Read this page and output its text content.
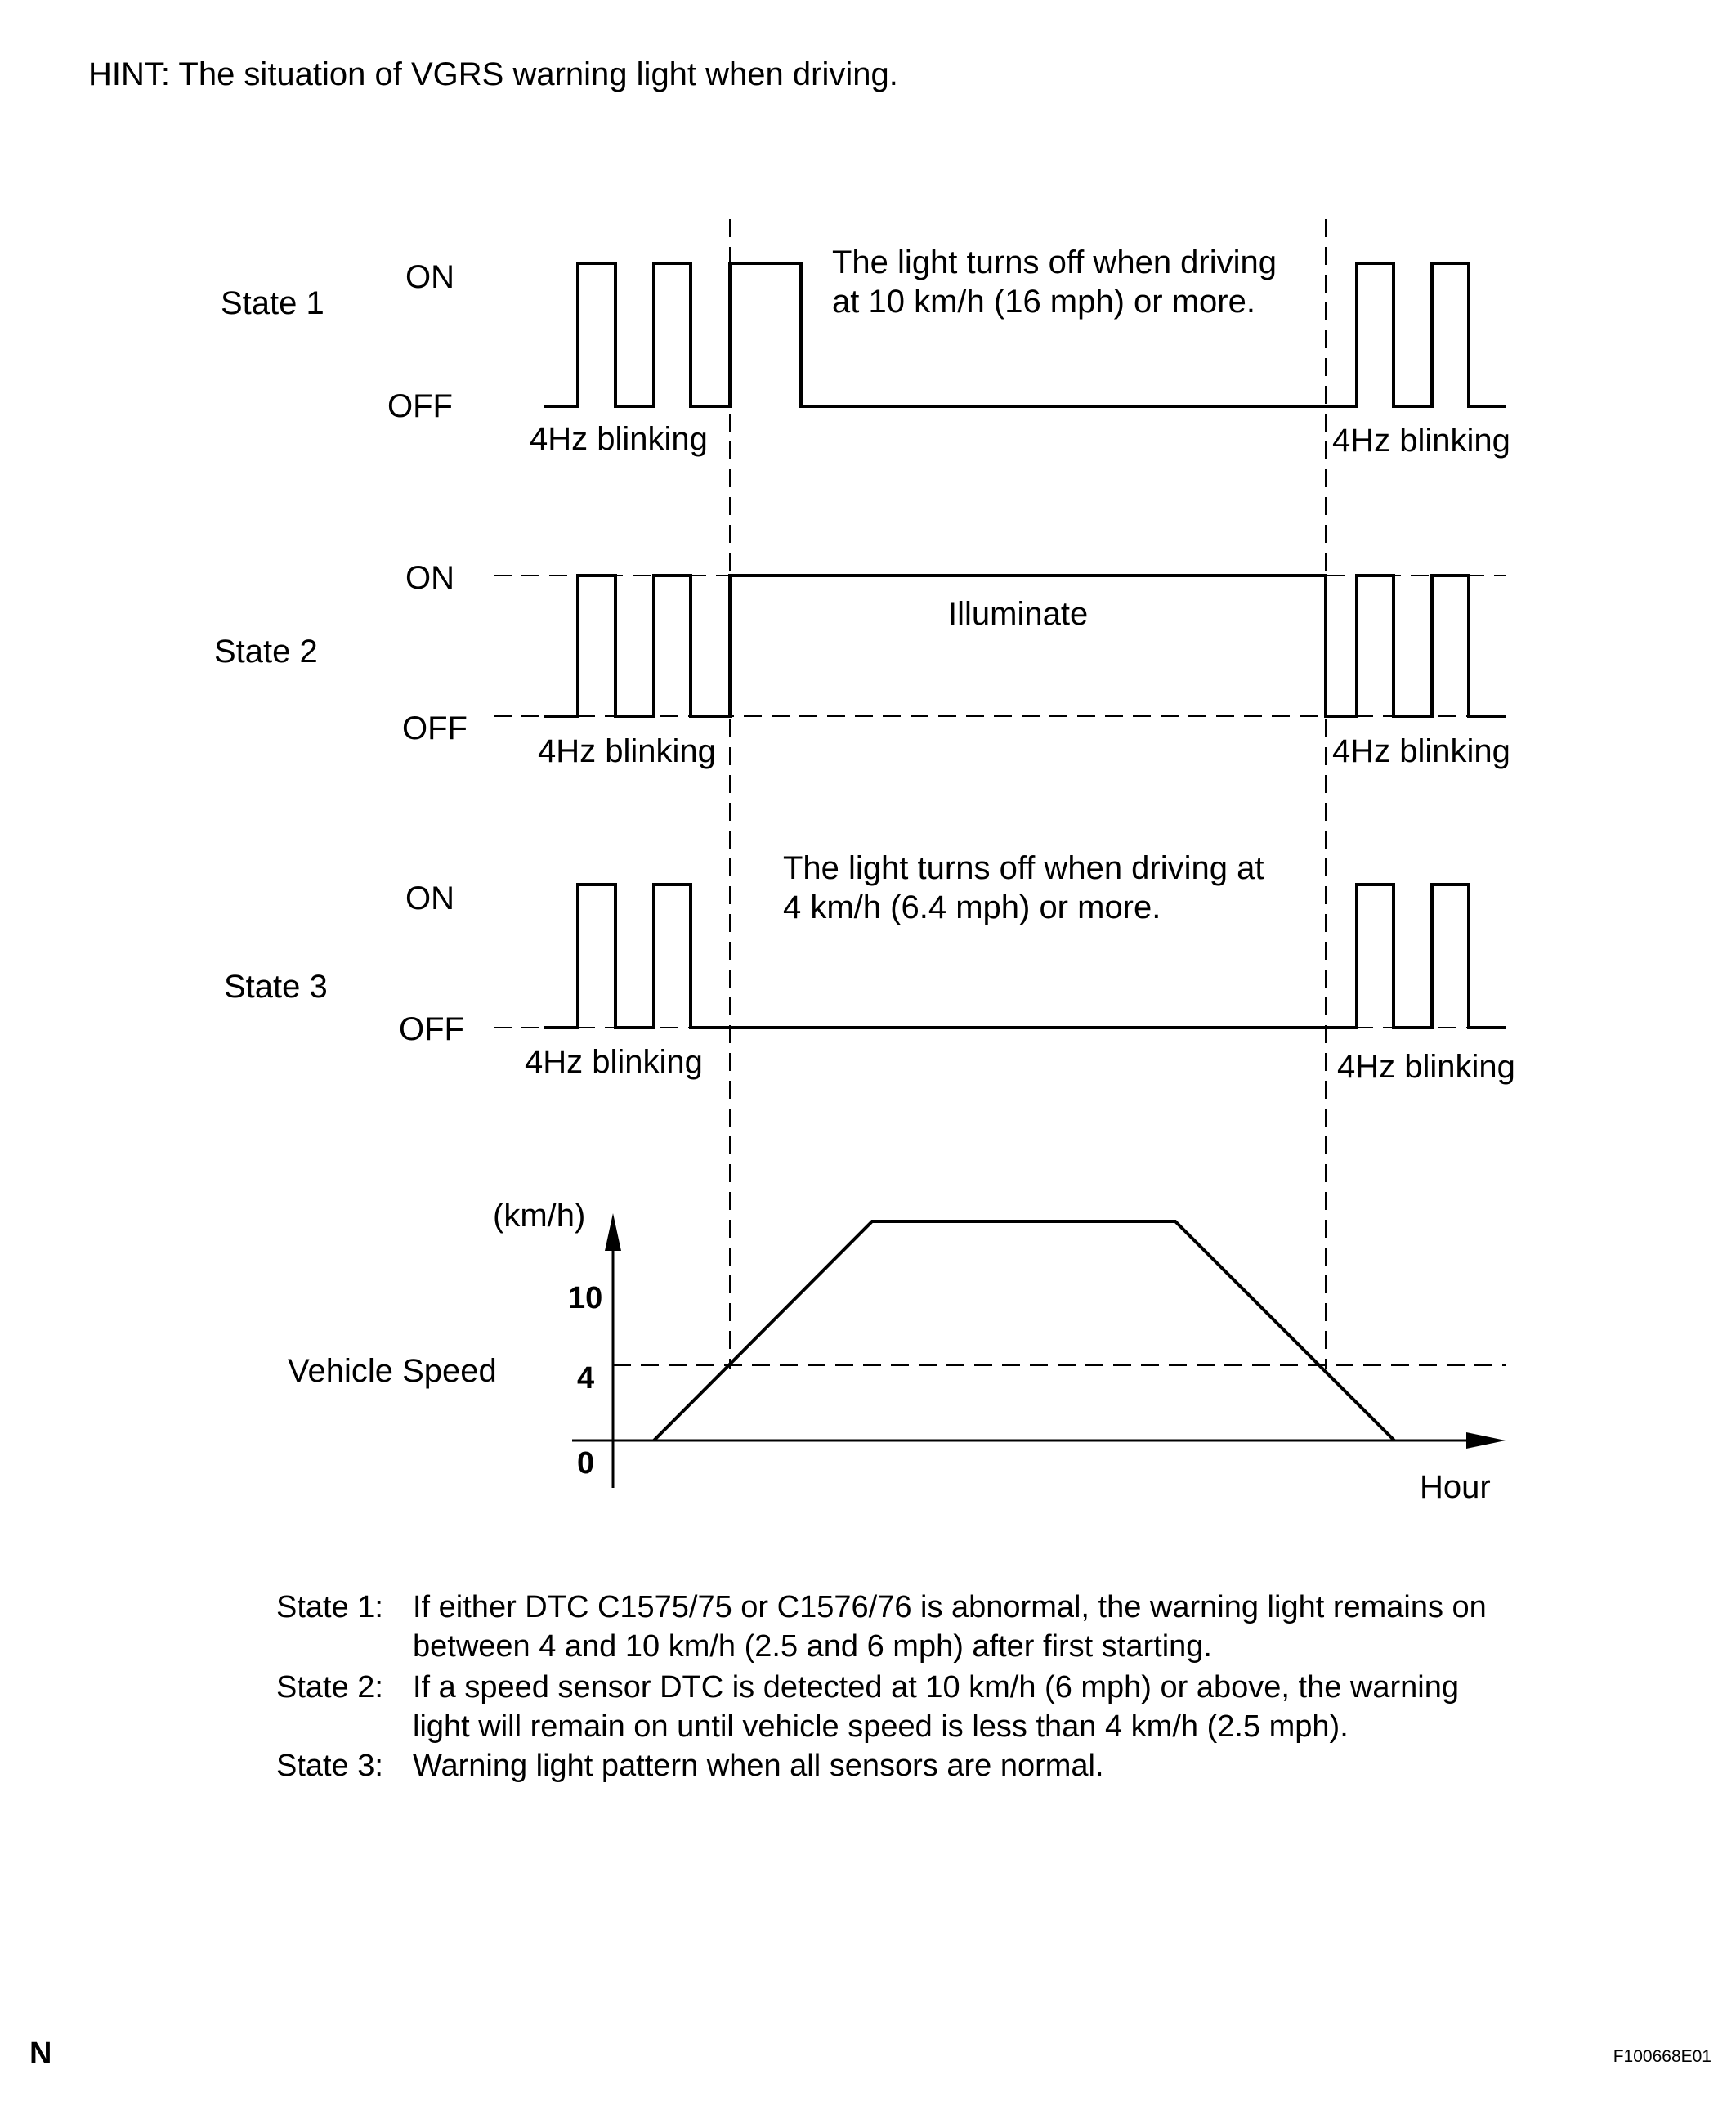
HINT: The situation of VGRS warning light when driving.
State 1
ON
OFF
The light turns off when driving
at 10 km/h (16 mph) or more.
4Hz blinking	4Hz blinking
State 2
ON
OFF
Illuminate
4Hz blinking	4Hz blinking
State 3
ON
OFF
The light turns off when driving at
4 km/h (6.4 mph) or more.
4Hz blinking	4Hz blinking
(km/h)
Vehicle Speed
10
4
0
Hour
State 1: If either DTC C1575/75 or C1576/76 is abnormal, the warning light remains on
between 4 and 10 km/h (2.5 and 6 mph) after first starting.
State 2: If a speed sensor DTC is detected at 10 km/h (6 mph) or above, the warning
light will remain on until vehicle speed is less than 4 km/h (2.5 mph).
State 3: Warning light pattern when all sensors are normal.
N	F100668E01
